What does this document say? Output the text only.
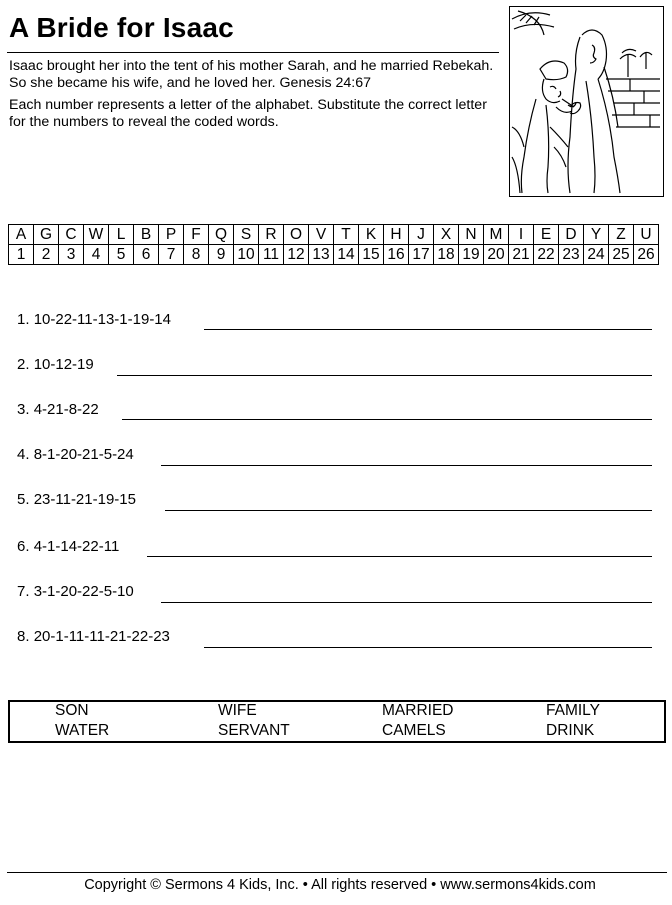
A Bride for Isaac

Isaac brought her into the tent of his mother Sarah, and he married Rebekah. So she became his wife, and he loved her. Genesis 24:67

Each number represents a letter of the alphabet. Substitute the correct letter for the numbers to reveal the coded words.

A	G	C	W	L	B	P	F	Q	S	R	O	V	T	K	H	J	X	N	M	I	E	D	Y	Z	U
1	2	3	4	5	6	7	8	9	10	11	12	13	14	15	16	17	18	19	20	21	22	23	24	25	26
1. 10-22-11-13-1-19-14
2. 10-12-19
3. 4-21-8-22
4. 8-1-20-21-5-24
5. 23-11-21-19-15
6. 4-1-14-22-11
7. 3-1-20-22-5-10
8. 20-1-11-11-21-22-23
SON	WIFE	MARRIED	FAMILY
WATER	SERVANT	CAMELS	DRINK
Copyright © Sermons 4 Kids, Inc. • All rights reserved • www.sermons4kids.com
